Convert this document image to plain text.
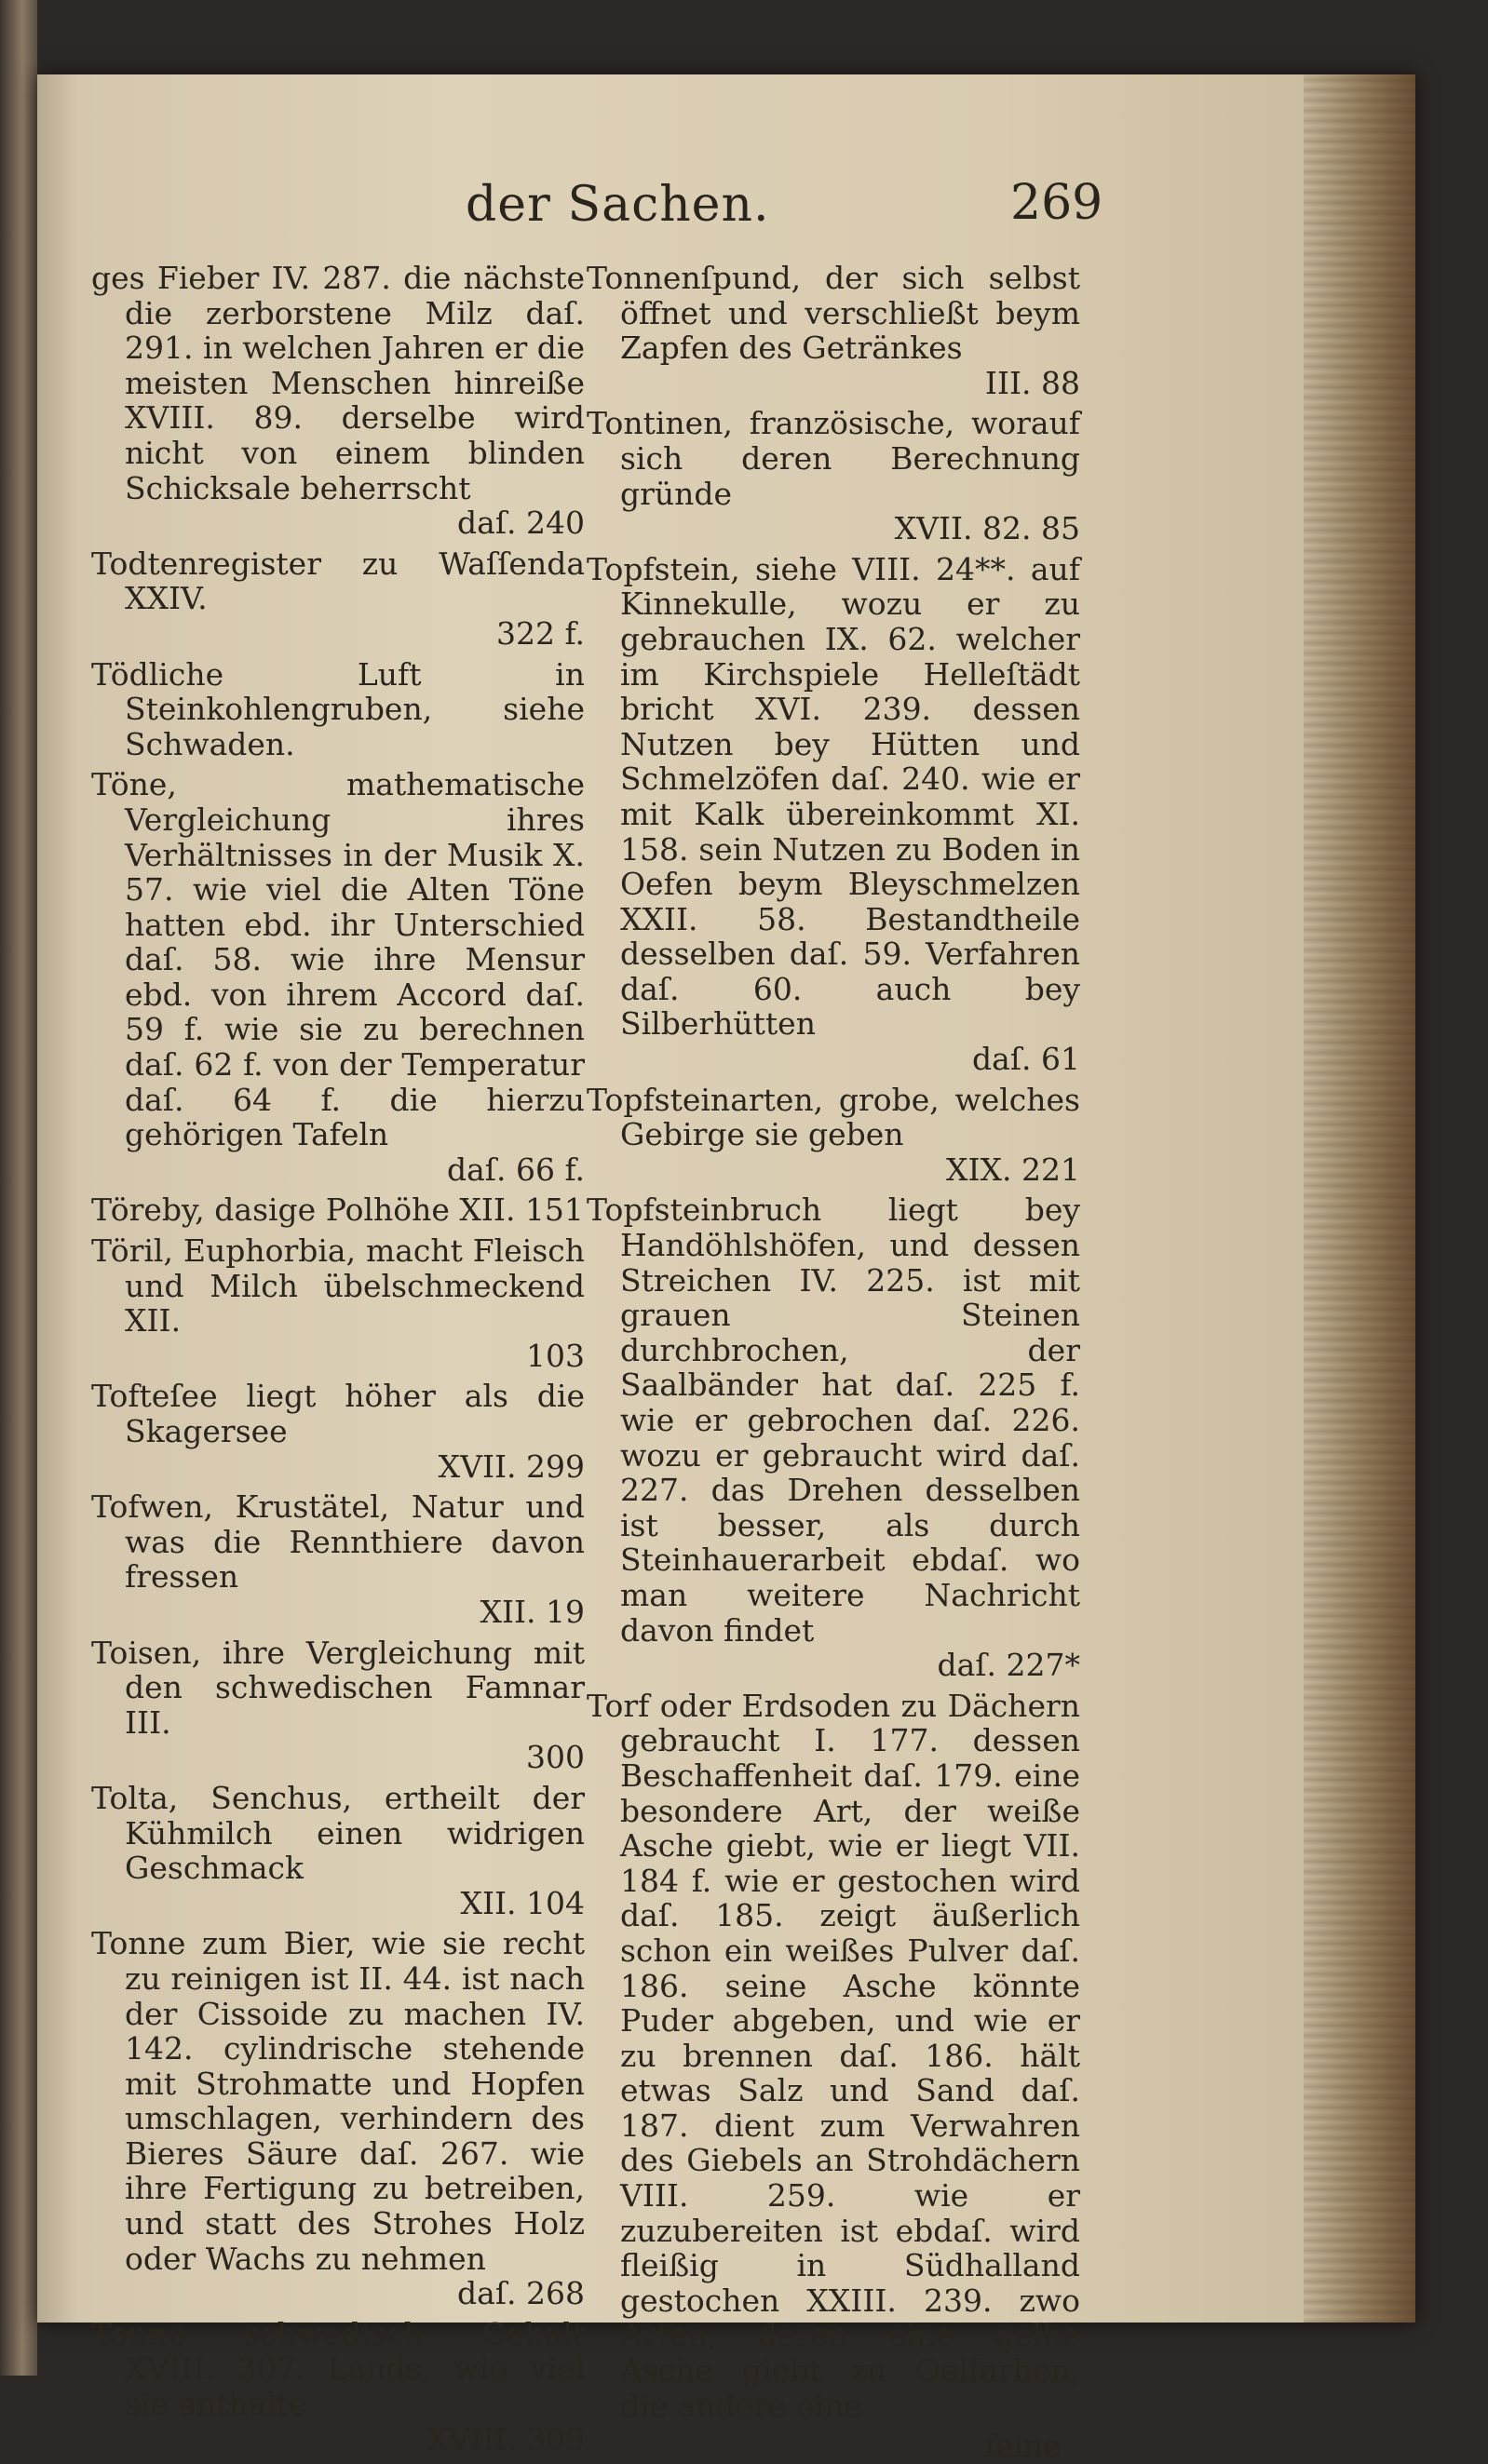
der Sachen.	269

ges Fieber IV. 287. die nächste die zerborstene Milz daſ. 291. in welchen Jahren er die meisten Menschen hinreiße XVIII. 89. derselbe wird nicht von einem blinden Schicksale beherrscht
daſ. 240

Todtenregister zu Waſſenda XXIV.
322 f.

Tödliche Luft in Steinkohlengruben, siehe Schwaden.

Töne, mathematische Vergleichung ihres Verhältnisses in der Musik X. 57. wie viel die Alten Töne hatten ebd. ihr Unterschied daſ. 58. wie ihre Mensur ebd. von ihrem Accord daſ. 59 f. wie sie zu berechnen daſ. 62 f. von der Temperatur daſ. 64 f. die hierzu gehörigen Tafeln
daſ. 66 f.

Töreby, dasige Polhöhe XII. 151

Töril, Euphorbia, macht Fleisch und Milch übelschmeckend XII.
103

Tofteſee liegt höher als die Skagersee
XVII. 299

Tofwen, Krustätel, Natur und was die Rennthiere davon fressen
XII. 19

Toisen, ihre Vergleichung mit den schwedischen Famnar III.
300

Tolta, Senchus, ertheilt der Kühmilch einen widrigen Geschmack
XII. 104

Tonne zum Bier, wie sie recht zu reinigen ist II. 44. ist nach der Cissoide zu machen IV. 142. cylindrische stehende mit Strohmatte und Hopfen umschlagen, verhindern des Bieres Säure daſ. 267. wie ihre Fertigung zu betreiben, und statt des Strohes Holz oder Wachs zu nehmen
daſ. 268

Tonne schwedisch Gehalt XVIII. 307. Lands, wie viel sie enthalte
XVIII. 309

Tonnenſpund, der sich selbst öffnet und verschließt beym Zapfen des Getränkes
III. 88

Tontinen, französische, worauf sich deren Berechnung gründe
XVII. 82. 85

Topfstein, siehe VIII. 24**. auf Kinnekulle, wozu er zu gebrauchen IX. 62. welcher im Kirchspiele Helleſtädt bricht XVI. 239. dessen Nutzen bey Hütten und Schmelzöfen daſ. 240. wie er mit Kalk übereinkommt XI. 158. sein Nutzen zu Boden in Oefen beym Bleyschmelzen XXII. 58. Bestandtheile desselben daſ. 59. Verfahren daſ. 60. auch bey Silberhütten
daſ. 61

Topfsteinarten, grobe, welches Gebirge sie geben
XIX. 221

Topfsteinbruch liegt bey Handöhlshöfen, und dessen Streichen IV. 225. ist mit grauen Steinen durchbrochen, der Saalbänder hat daſ. 225 f. wie er gebrochen daſ. 226. wozu er gebraucht wird daſ. 227. das Drehen desselben ist besser, als durch Steinhauerarbeit ebdaſ. wo man weitere Nachricht davon findet
daſ. 227*

Torf oder Erdsoden zu Dächern gebraucht I. 177. dessen Beschaffenheit daſ. 179. eine besondere Art, der weiße Asche giebt, wie er liegt VII. 184 f. wie er gestochen wird daſ. 185. zeigt äußerlich schon ein weißes Pulver daſ. 186. seine Asche könnte Puder abgeben, und wie er zu brennen daſ. 186. hält etwas Salz und Sand daſ. 187. dient zum Verwahren des Giebels an Strohdächern VIII. 259. wie er zuzubereiten ist ebdaſ. wird fleißig in Südhalland gestochen XXIII. 239. zwo Arten, deren eine gelbe Asche giebt zu Oelfarben, die andere eine

feine
